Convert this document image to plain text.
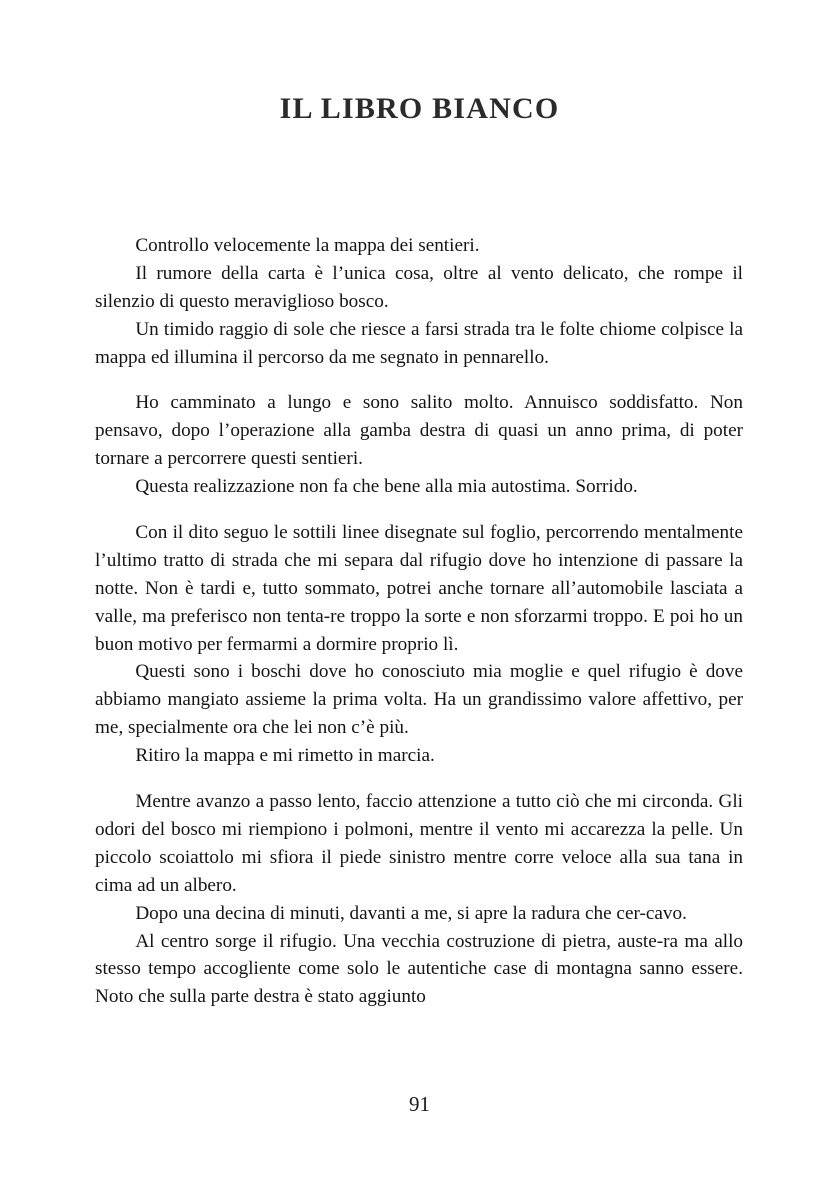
IL LIBRO BIANCO

Controllo velocemente la mappa dei sentieri.

Il rumore della carta è l’unica cosa, oltre al vento delicato, che rompe il silenzio di questo meraviglioso bosco.

Un timido raggio di sole che riesce a farsi strada tra le folte chiome colpisce la mappa ed illumina il percorso da me segnato in pennarello.

Ho camminato a lungo e sono salito molto. Annuisco soddisfatto. Non pensavo, dopo l’operazione alla gamba destra di quasi un anno prima, di poter tornare a percorrere questi sentieri.

Questa realizzazione non fa che bene alla mia autostima. Sorrido.

Con il dito seguo le sottili linee disegnate sul foglio, percorrendo mentalmente l’ultimo tratto di strada che mi separa dal rifugio dove ho intenzione di passare la notte. Non è tardi e, tutto sommato, potrei anche tornare all’automobile lasciata a valle, ma preferisco non tenta-re troppo la sorte e non sforzarmi troppo. E poi ho un buon motivo per fermarmi a dormire proprio lì.

Questi sono i boschi dove ho conosciuto mia moglie e quel rifugio è dove abbiamo mangiato assieme la prima volta. Ha un grandissimo valore affettivo, per me, specialmente ora che lei non c’è più.

Ritiro la mappa e mi rimetto in marcia.

Mentre avanzo a passo lento, faccio attenzione a tutto ciò che mi circonda. Gli odori del bosco mi riempiono i polmoni, mentre il vento mi accarezza la pelle. Un piccolo scoiattolo mi sfiora il piede sinistro mentre corre veloce alla sua tana in cima ad un albero.

Dopo una decina di minuti, davanti a me, si apre la radura che cer-cavo.

Al centro sorge il rifugio. Una vecchia costruzione di pietra, auste-ra ma allo stesso tempo accogliente come solo le autentiche case di montagna sanno essere. Noto che sulla parte destra è stato aggiunto

91
